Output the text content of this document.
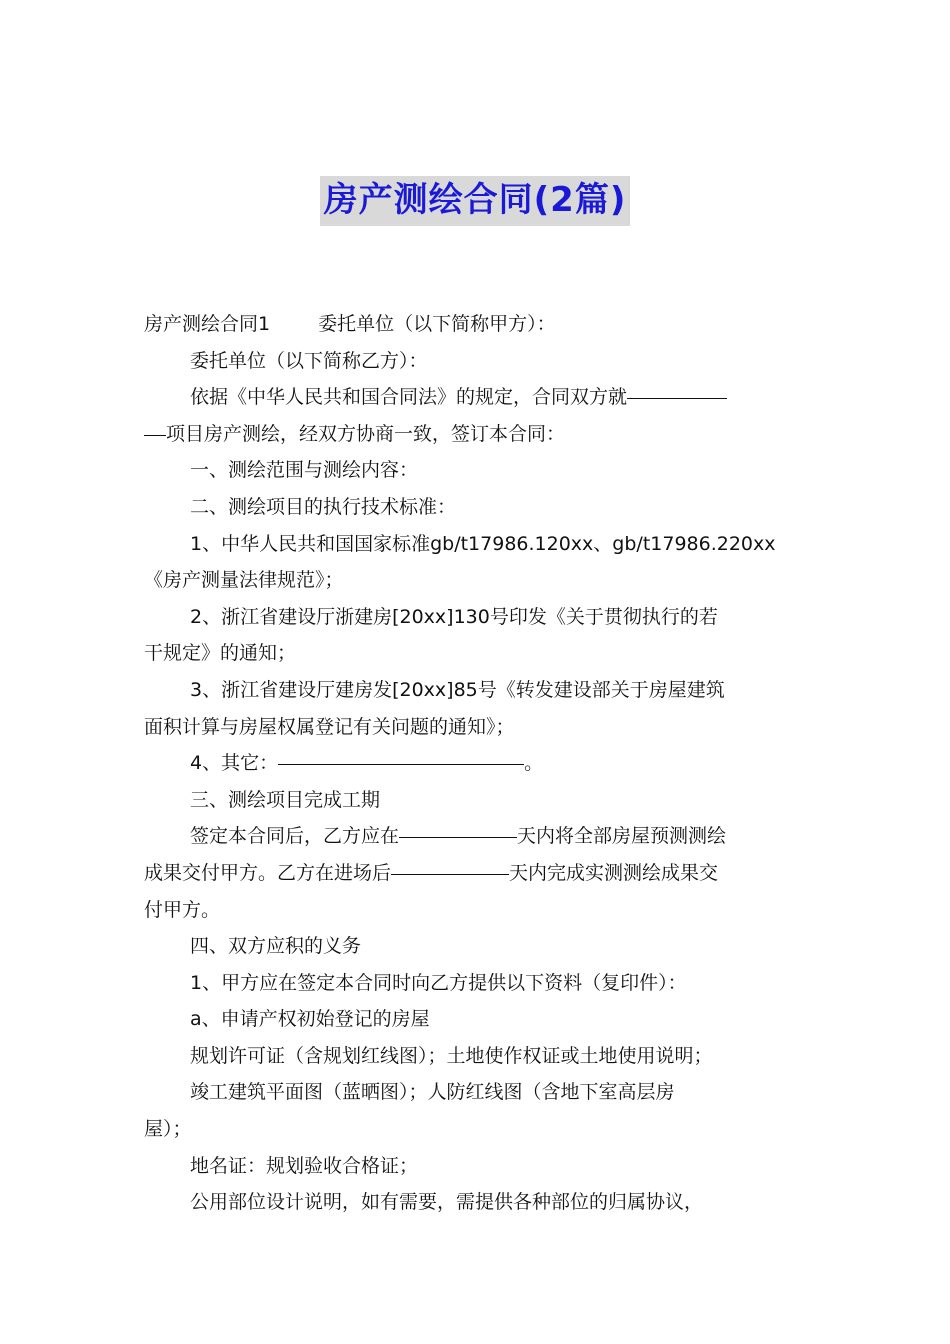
房产测绘合同(2篇)
房产测绘合同1	委托单位（以下简称甲方）：
委托单位（以下简称乙方）：
依据《中华人民共和国合同法》的规定，合同双方就
项目房产测绘，经双方协商一致，签订本合同：
一、测绘范围与测绘内容：
二、测绘项目的执行技术标准：
1、中华人民共和国国家标准gb/t17986.120xx、gb/t17986.220xx
《房产测量法律规范》；
2、浙江省建设厅浙建房[20xx]130号印发《关于贯彻执行的若
干规定》的通知；
3、浙江省建设厅建房发[20xx]85号《转发建设部关于房屋建筑
面积计算与房屋权属登记有关问题的通知》；
4、其它：	。
三、测绘项目完成工期
签定本合同后，乙方应在	天内将全部房屋预测测绘
成果交付甲方。乙方在进场后	天内完成实测测绘成果交
付甲方。
四、双方应积的义务
1、甲方应在签定本合同时向乙方提供以下资料（复印件）：
a、申请产权初始登记的房屋
规划许可证（含规划红线图）；土地使作权证或土地使用说明；
竣工建筑平面图（蓝晒图）；人防红线图（含地下室高层房
屋）；
地名证：规划验收合格证；
公用部位设计说明，如有需要，需提供各种部位的归属协议，
